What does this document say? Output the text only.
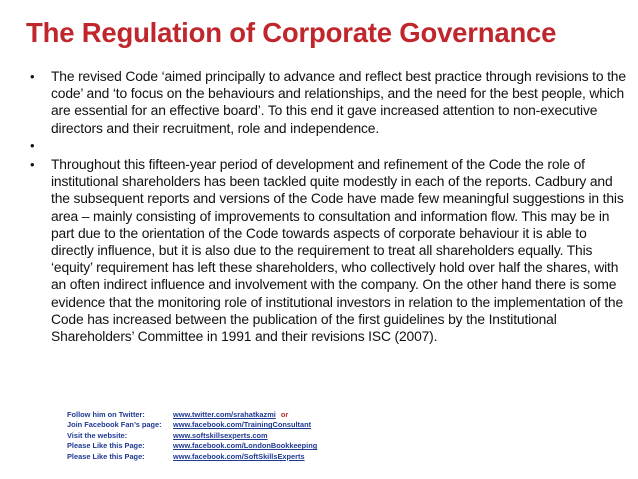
The Regulation of Corporate Governance
•	The revised Code ‘aimed principally to advance and reflect best practice through revisions to the code’ and ‘to focus on the behaviours and relationships, and the need for the best people, which are essential for an effective board’. To this end it gave increased attention to non-executive directors and their recruitment, role and independence.
•
•	Throughout this fifteen-year period of development and refinement of the Code the role of institutional shareholders has been tackled quite modestly in each of the reports. Cadbury and the subsequent reports and versions of the Code have made few meaningful suggestions in this area – mainly consisting of improvements to consultation and information flow. This may be in part due to the orientation of the Code towards aspects of corporate behaviour it is able to directly influence, but it is also due to the requirement to treat all shareholders equally. This ‘equity’ requirement has left these shareholders, who collectively hold over half the shares, with an often indirect influence and involvement with the company. On the other hand there is some evidence that the monitoring role of institutional investors in relation to the implementation of the Code has increased between the publication of the first guidelines by the Institutional Shareholders’ Committee in 1991 and their revisions ISC (2007).
Follow him on Twitter:	www.twitter.com/srahatkazmi or
Join Facebook Fan’s page:	www.facebook.com/TrainingConsultant
Visit the website:	www.softskillsexperts.com
Please Like this Page:	www.facebook.com/LondonBookkeeping
Please Like this Page:	www.facebook.com/SoftSkillsExperts
